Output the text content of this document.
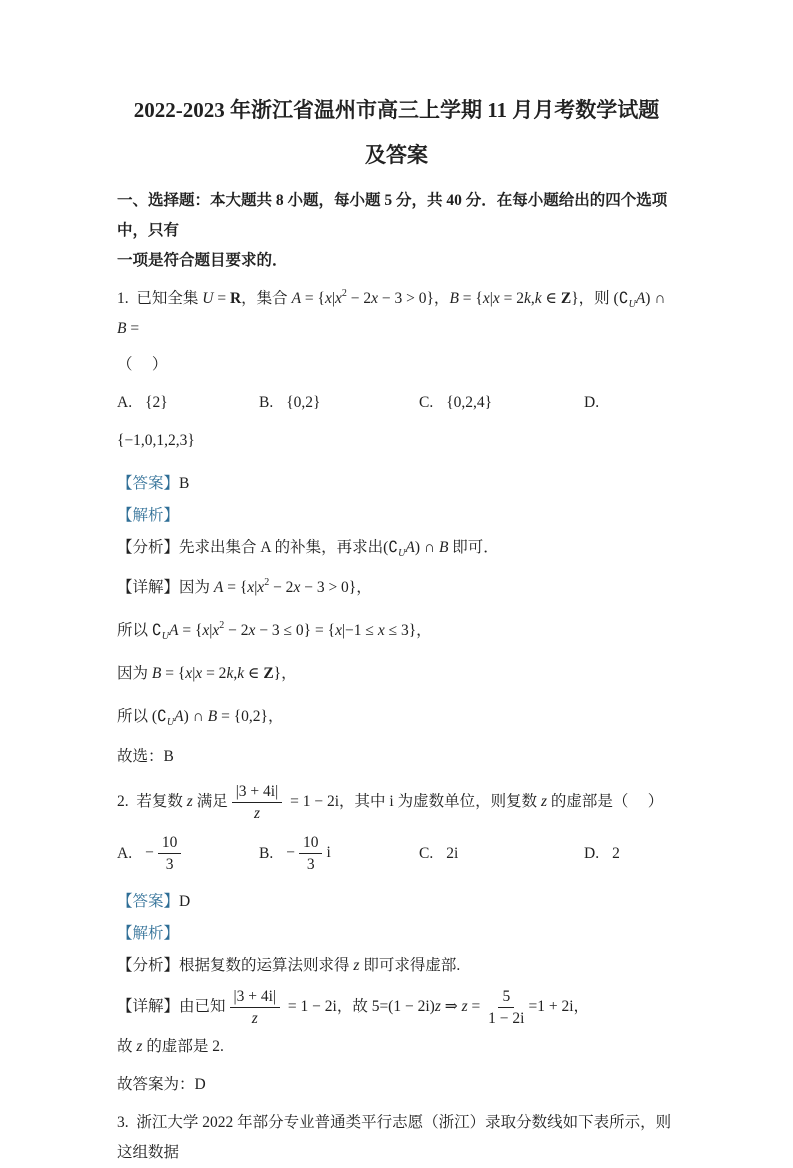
2022-2023 年浙江省温州市高三上学期 11 月月考数学试题
及答案
一、选择题：本大题共 8 小题，每小题 5 分，共 40 分．在每小题给出的四个选项中，只有
一项是符合题目要求的．
1.  已知全集 U = R，集合 $A = \{x|x^2 - 2x - 3 > 0\}$，B = {x|x = 2k,k ∈ Z}，则 $(∁_UA)$ ∩ B =
（     ）
A. {2}	B. {0,2}	C. {0,2,4}	D.
{−1,0,1,2,3}
【答案】B
【解析】
【分析】先求出集合 A 的补集，再求出$(∁_UA)$ ∩ B 即可．
【详解】因为 $A = \{x|x^2 - 2x - 3 > 0\}$，
所以 $∁_UA = \{x|x^2 - 2x - 3 \le 0\} = \{x|-1 \le x \le 3\}$，
因为 B = {x|x = 2k,k ∈ Z}，
所以 $(∁_UA)$ ∩ B = {0,2}，
故选：B
2.  若复数 z 满足 $\frac{|3 + 4i|}{z} = 1 - 2i$，其中 i 为虚数单位，则复数 z 的虚部是（     ）
A. − $\frac{10}{3}$	B. − $\frac{10}{3}$ i	C. 2i	D. 2
【答案】D
【解析】
【分析】根据复数的运算法则求得 z 即可求得虚部.
【详解】由已知 $\frac{|3 + 4i|}{z} = 1 - 2i$，故 5=(1 − 2i)z ⇒ $z = \frac{5}{1 - 2i} =1 + 2i$，
故 z 的虚部是 2.
故答案为：D
3.  浙江大学 2022 年部分专业普通类平行志愿（浙江）录取分数线如下表所示，则这组数据
